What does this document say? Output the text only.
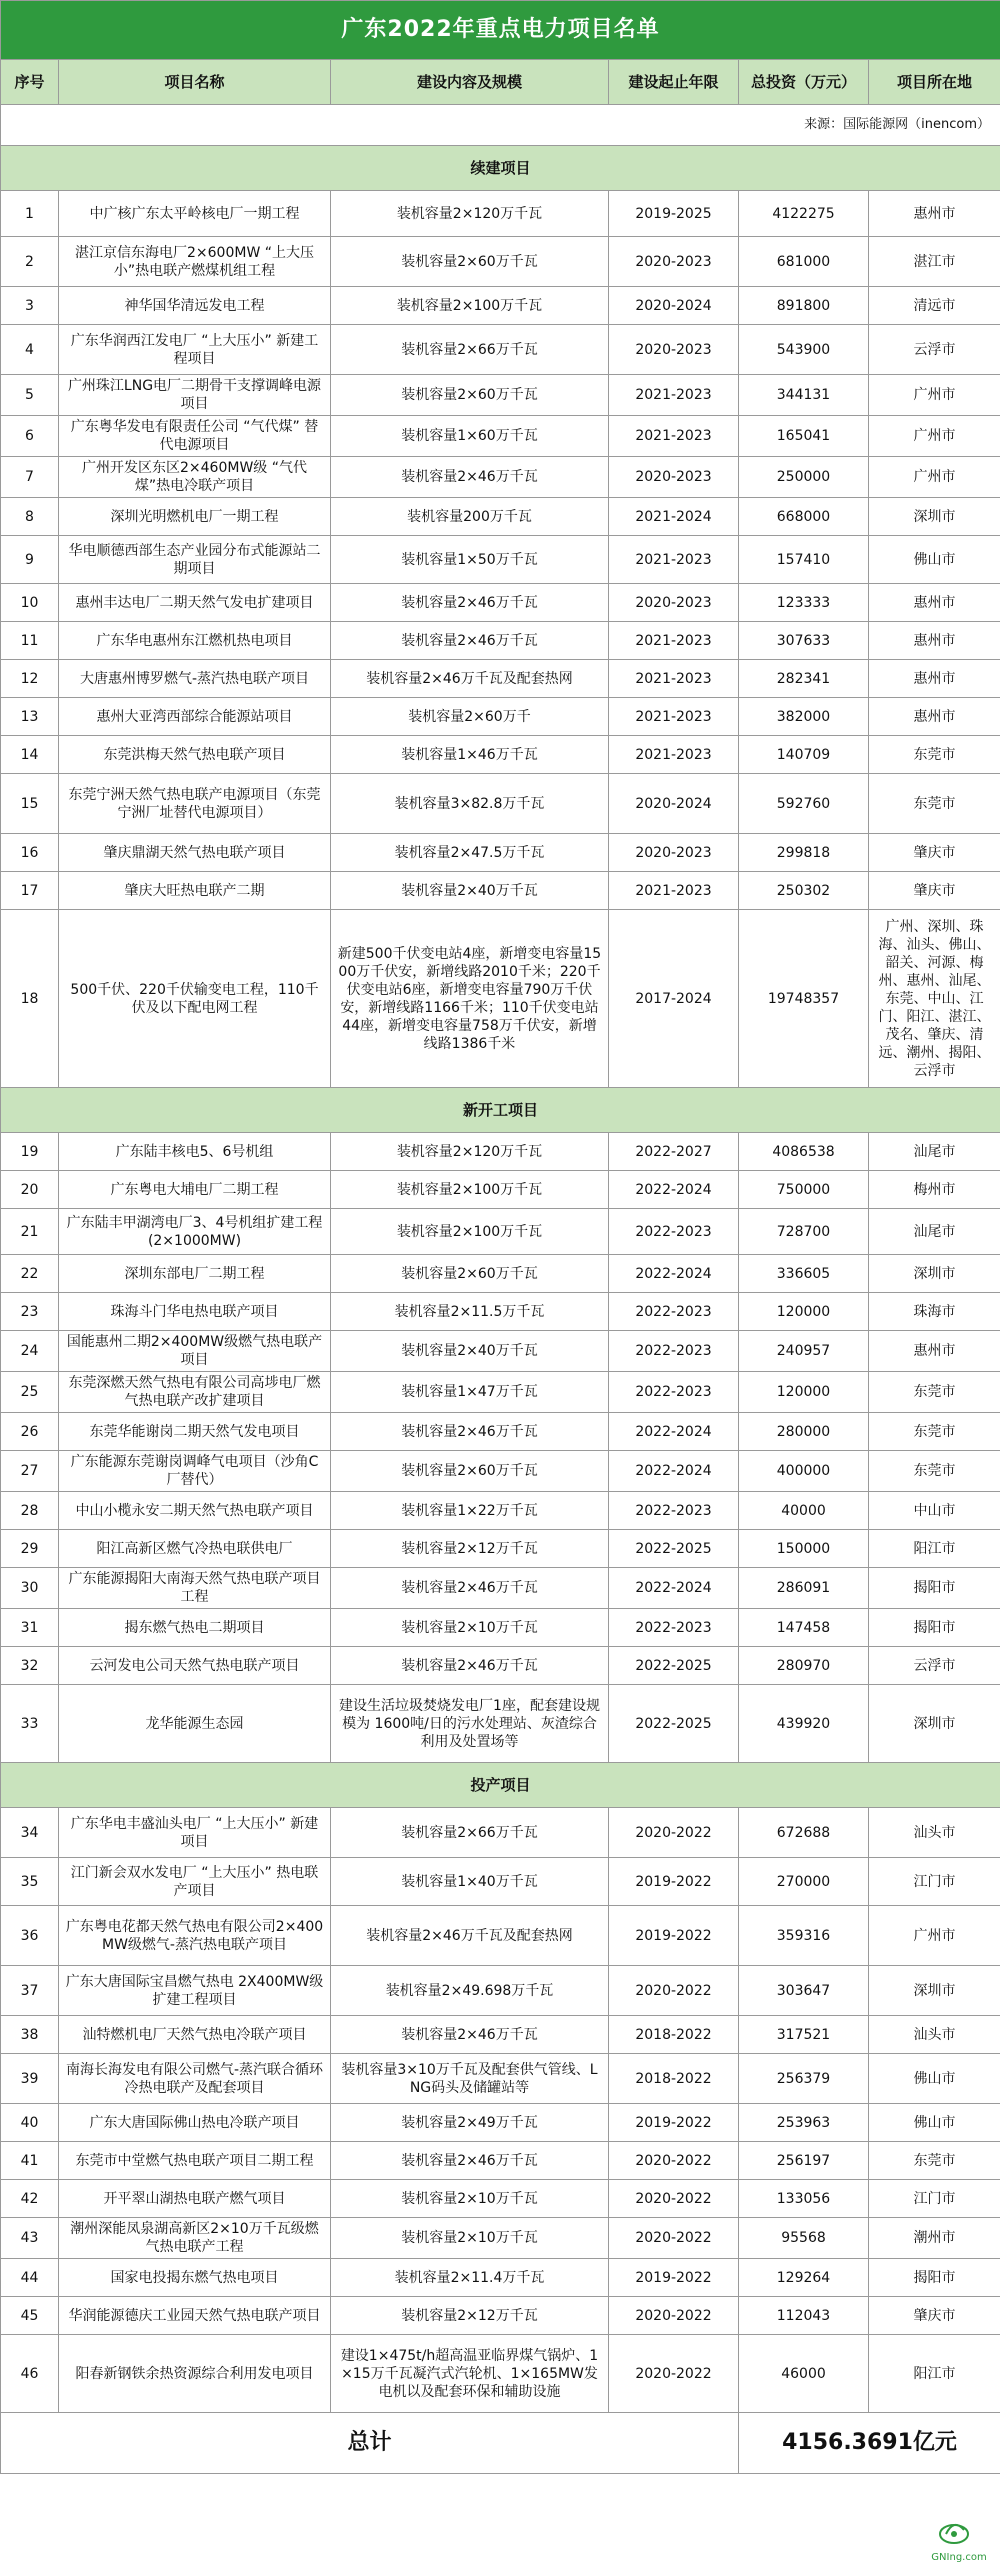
广东2022年重点电力项目名单					
序号	项目名称	建设内容及规模	建设起止年限	总投资（万元）	项目所在地
来源：国际能源网（inencom）					
续建项目					
1	中广核广东太平岭核电厂一期工程	装机容量2×120万千瓦	2019-2025	4122275	惠州市
2	湛江京信东海电厂2×600MW “上大压小”热电联产燃煤机组工程	装机容量2×60万千瓦	2020-2023	681000	湛江市
3	神华国华清远发电工程	装机容量2×100万千瓦	2020-2024	891800	清远市
4	广东华润西江发电厂 “上大压小” 新建工程项目	装机容量2×66万千瓦	2020-2023	543900	云浮市
5	广州珠江LNG电厂二期骨干支撑调峰电源项目	装机容量2×60万千瓦	2021-2023	344131	广州市
6	广东粤华发电有限责任公司 “气代煤” 替代电源项目	装机容量1×60万千瓦	2021-2023	165041	广州市
7	广州开发区东区2×460MW级 “气代煤”热电冷联产项目	装机容量2×46万千瓦	2020-2023	250000	广州市
8	深圳光明燃机电厂一期工程	装机容量200万千瓦	2021-2024	668000	深圳市
9	华电顺德西部生态产业园分布式能源站二期项目	装机容量1×50万千瓦	2021-2023	157410	佛山市
10	惠州丰达电厂二期天然气发电扩建项目	装机容量2×46万千瓦	2020-2023	123333	惠州市
11	广东华电惠州东江燃机热电项目	装机容量2×46万千瓦	2021-2023	307633	惠州市
12	大唐惠州博罗燃气-蒸汽热电联产项目	装机容量2×46万千瓦及配套热网	2021-2023	282341	惠州市
13	惠州大亚湾西部综合能源站项目	装机容量2×60万千	2021-2023	382000	惠州市
14	东莞洪梅天然气热电联产项目	装机容量1×46万千瓦	2021-2023	140709	东莞市
15	东莞宁洲天然气热电联产电源项目（东莞宁洲厂址替代电源项目）	装机容量3×82.8万千瓦	2020-2024	592760	东莞市
16	肇庆鼎湖天然气热电联产项目	装机容量2×47.5万千瓦	2020-2023	299818	肇庆市
17	肇庆大旺热电联产二期	装机容量2×40万千瓦	2021-2023	250302	肇庆市
18	500千伏、220千伏输变电工程，110千伏及以下配电网工程	新建500千伏变电站4座，新增变电容量1500万千伏安，新增线路2010千米；220千伏变电站6座，新增变电容量790万千伏安，新增线路1166千米；110千伏变电站44座，新增变电容量758万千伏安，新增线路1386千米	2017-2024	19748357	广州、深圳、珠海、汕头、佛山、韶关、河源、梅州、惠州、汕尾、东莞、中山、江门、阳江、湛江、茂名、肇庆、清远、潮州、揭阳、云浮市
新开工项目					
19	广东陆丰核电5、6号机组	装机容量2×120万千瓦	2022-2027	4086538	汕尾市
20	广东粤电大埔电厂二期工程	装机容量2×100万千瓦	2022-2024	750000	梅州市
21	广东陆丰甲湖湾电厂3、4号机组扩建工程(2×1000MW)	装机容量2×100万千瓦	2022-2023	728700	汕尾市
22	深圳东部电厂二期工程	装机容量2×60万千瓦	2022-2024	336605	深圳市
23	珠海斗门华电热电联产项目	装机容量2×11.5万千瓦	2022-2023	120000	珠海市
24	国能惠州二期2×400MW级燃气热电联产项目	装机容量2×40万千瓦	2022-2023	240957	惠州市
25	东莞深燃天然气热电有限公司高埗电厂燃气热电联产改扩建项目	装机容量1×47万千瓦	2022-2023	120000	东莞市
26	东莞华能谢岗二期天然气发电项目	装机容量2×46万千瓦	2022-2024	280000	东莞市
27	广东能源东莞谢岗调峰气电项目（沙角C厂替代）	装机容量2×60万千瓦	2022-2024	400000	东莞市
28	中山小榄永安二期天然气热电联产项目	装机容量1×22万千瓦	2022-2023	40000	中山市
29	阳江高新区燃气冷热电联供电厂	装机容量2×12万千瓦	2022-2025	150000	阳江市
30	广东能源揭阳大南海天然气热电联产项目工程	装机容量2×46万千瓦	2022-2024	286091	揭阳市
31	揭东燃气热电二期项目	装机容量2×10万千瓦	2022-2023	147458	揭阳市
32	云河发电公司天然气热电联产项目	装机容量2×46万千瓦	2022-2025	280970	云浮市
33	龙华能源生态园	建设生活垃圾焚烧发电厂1座，配套建设规模为 1600吨/日的污水处理站、灰渣综合利用及处置场等	2022-2025	439920	深圳市
投产项目					
34	广东华电丰盛汕头电厂 “上大压小” 新建项目	装机容量2×66万千瓦	2020-2022	672688	汕头市
35	江门新会双水发电厂 “上大压小” 热电联产项目	装机容量1×40万千瓦	2019-2022	270000	江门市
36	广东粤电花都天然气热电有限公司2×400MW级燃气-蒸汽热电联产项目	装机容量2×46万千瓦及配套热网	2019-2022	359316	广州市
37	广东大唐国际宝昌燃气热电 2X400MW级扩建工程项目	装机容量2×49.698万千瓦	2020-2022	303647	深圳市
38	汕特燃机电厂天然气热电冷联产项目	装机容量2×46万千瓦	2018-2022	317521	汕头市
39	南海长海发电有限公司燃气-蒸汽联合循环冷热电联产及配套项目	装机容量3×10万千瓦及配套供气管线、LNG码头及储罐站等	2018-2022	256379	佛山市
40	广东大唐国际佛山热电冷联产项目	装机容量2×49万千瓦	2019-2022	253963	佛山市
41	东莞市中堂燃气热电联产项目二期工程	装机容量2×46万千瓦	2020-2022	256197	东莞市
42	开平翠山湖热电联产燃气项目	装机容量2×10万千瓦	2020-2022	133056	江门市
43	潮州深能凤泉湖高新区2×10万千瓦级燃气热电联产工程	装机容量2×10万千瓦	2020-2022	95568	潮州市
44	国家电投揭东燃气热电项目	装机容量2×11.4万千瓦	2019-2022	129264	揭阳市
45	华润能源德庆工业园天然气热电联产项目	装机容量2×12万千瓦	2020-2022	112043	肇庆市
46	阳春新钢铁余热资源综合利用发电项目	建设1×475t/h超高温亚临界煤气锅炉、1×15万千瓦凝汽式汽轮机、1×165MW发电机以及配套环保和辅助设施	2020-2022	46000	阳江市
总计				4156.3691亿元	
GNIng.com
